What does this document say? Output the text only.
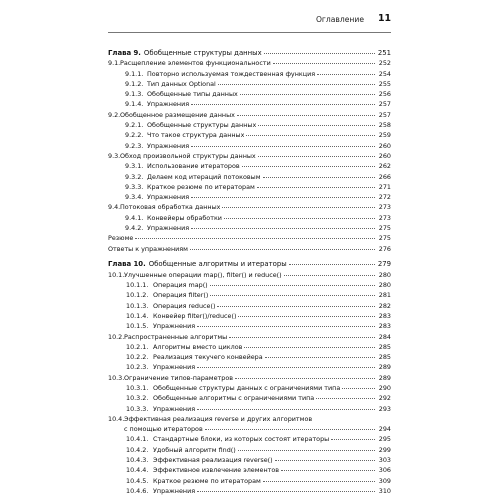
Оглавление 11
Глава 9. Обобщенные структуры данных	251
9.1. Расщепление элементов функциональности	252
9.1.1. Повторно используемая тождественная функция	254
9.1.2. Тип данных Optional	255
9.1.3. Обобщенные типы данных	256
9.1.4. Упражнения	257
9.2. Обобщенное размещение данных	257
9.2.1. Обобщенные структуры данных	258
9.2.2. Что такое структура данных	259
9.2.3. Упражнения	260
9.3. Обход произвольной структуры данных	260
9.3.1. Использование итераторов	262
9.3.2. Делаем код итераций потоковым	266
9.3.3. Краткое резюме по итераторам	271
9.3.4. Упражнения	272
9.4. Потоковая обработка данных	273
9.4.1. Конвейеры обработки	273
9.4.2. Упражнения	275
Резюме	275
Ответы к упражнениям	276
Глава 10. Обобщенные алгоритмы и итераторы	279
10.1. Улучшенные операции map(), filter() и reduce()	280
10.1.1. Операция map()	280
10.1.2. Операция filter()	281
10.1.3. Операция reduce()	282
10.1.4. Конвейер filter()/reduce()	283
10.1.5. Упражнения	283
10.2. Распространенные алгоритмы	284
10.2.1. Алгоритмы вместо циклов	285
10.2.2. Реализация текучего конвейера	285
10.2.3. Упражнения	289
10.3. Ограничение типов-параметров	289
10.3.1. Обобщенные структуры данных с ограничениями типа	290
10.3.2. Обобщенные алгоритмы с ограничениями типа	292
10.3.3. Упражнения	293
10.4. Эффективная реализация reverse и других алгоритмов
с помощью итераторов	294
10.4.1. Стандартные блоки, из которых состоят итераторы	295
10.4.2. Удобный алгоритм find()	299
10.4.3. Эффективная реализация reverse()	303
10.4.4. Эффективное извлечение элементов	306
10.4.5. Краткое резюме по итераторам	309
10.4.6. Упражнения	310
